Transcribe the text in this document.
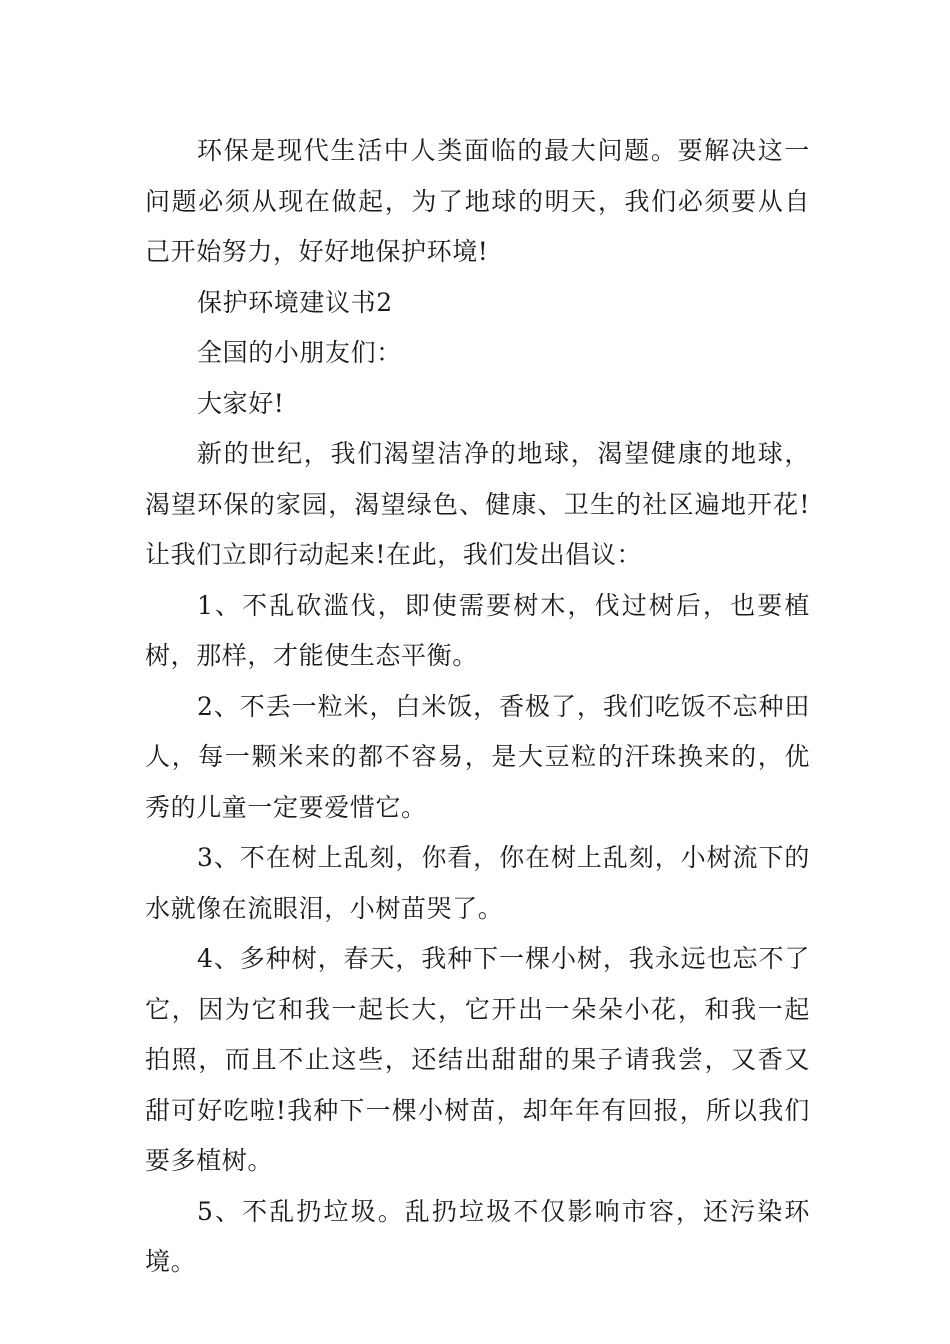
环保是现代生活中人类面临的最大问题。要解决这一问题必须从现在做起，为了地球的明天，我们必须要从自己开始努力，好好地保护环境!

保护环境建议书2

全国的小朋友们：

大家好!

新的世纪，我们渴望洁净的地球，渴望健康的地球，渴望环保的家园，渴望绿色、健康、卫生的社区遍地开花!让我们立即行动起来!在此，我们发出倡议：

1、不乱砍滥伐，即使需要树木，伐过树后，也要植树，那样，才能使生态平衡。

2、不丢一粒米，白米饭，香极了，我们吃饭不忘种田人，每一颗米来的都不容易，是大豆粒的汗珠换来的，优秀的儿童一定要爱惜它。

3、不在树上乱刻，你看，你在树上乱刻，小树流下的水就像在流眼泪，小树苗哭了。

4、多种树，春天，我种下一棵小树，我永远也忘不了它，因为它和我一起长大，它开出一朵朵小花，和我一起拍照，而且不止这些，还结出甜甜的果子请我尝，又香又甜可好吃啦!我种下一棵小树苗，却年年有回报，所以我们要多植树。

5、不乱扔垃圾。乱扔垃圾不仅影响市容，还污染环境。
